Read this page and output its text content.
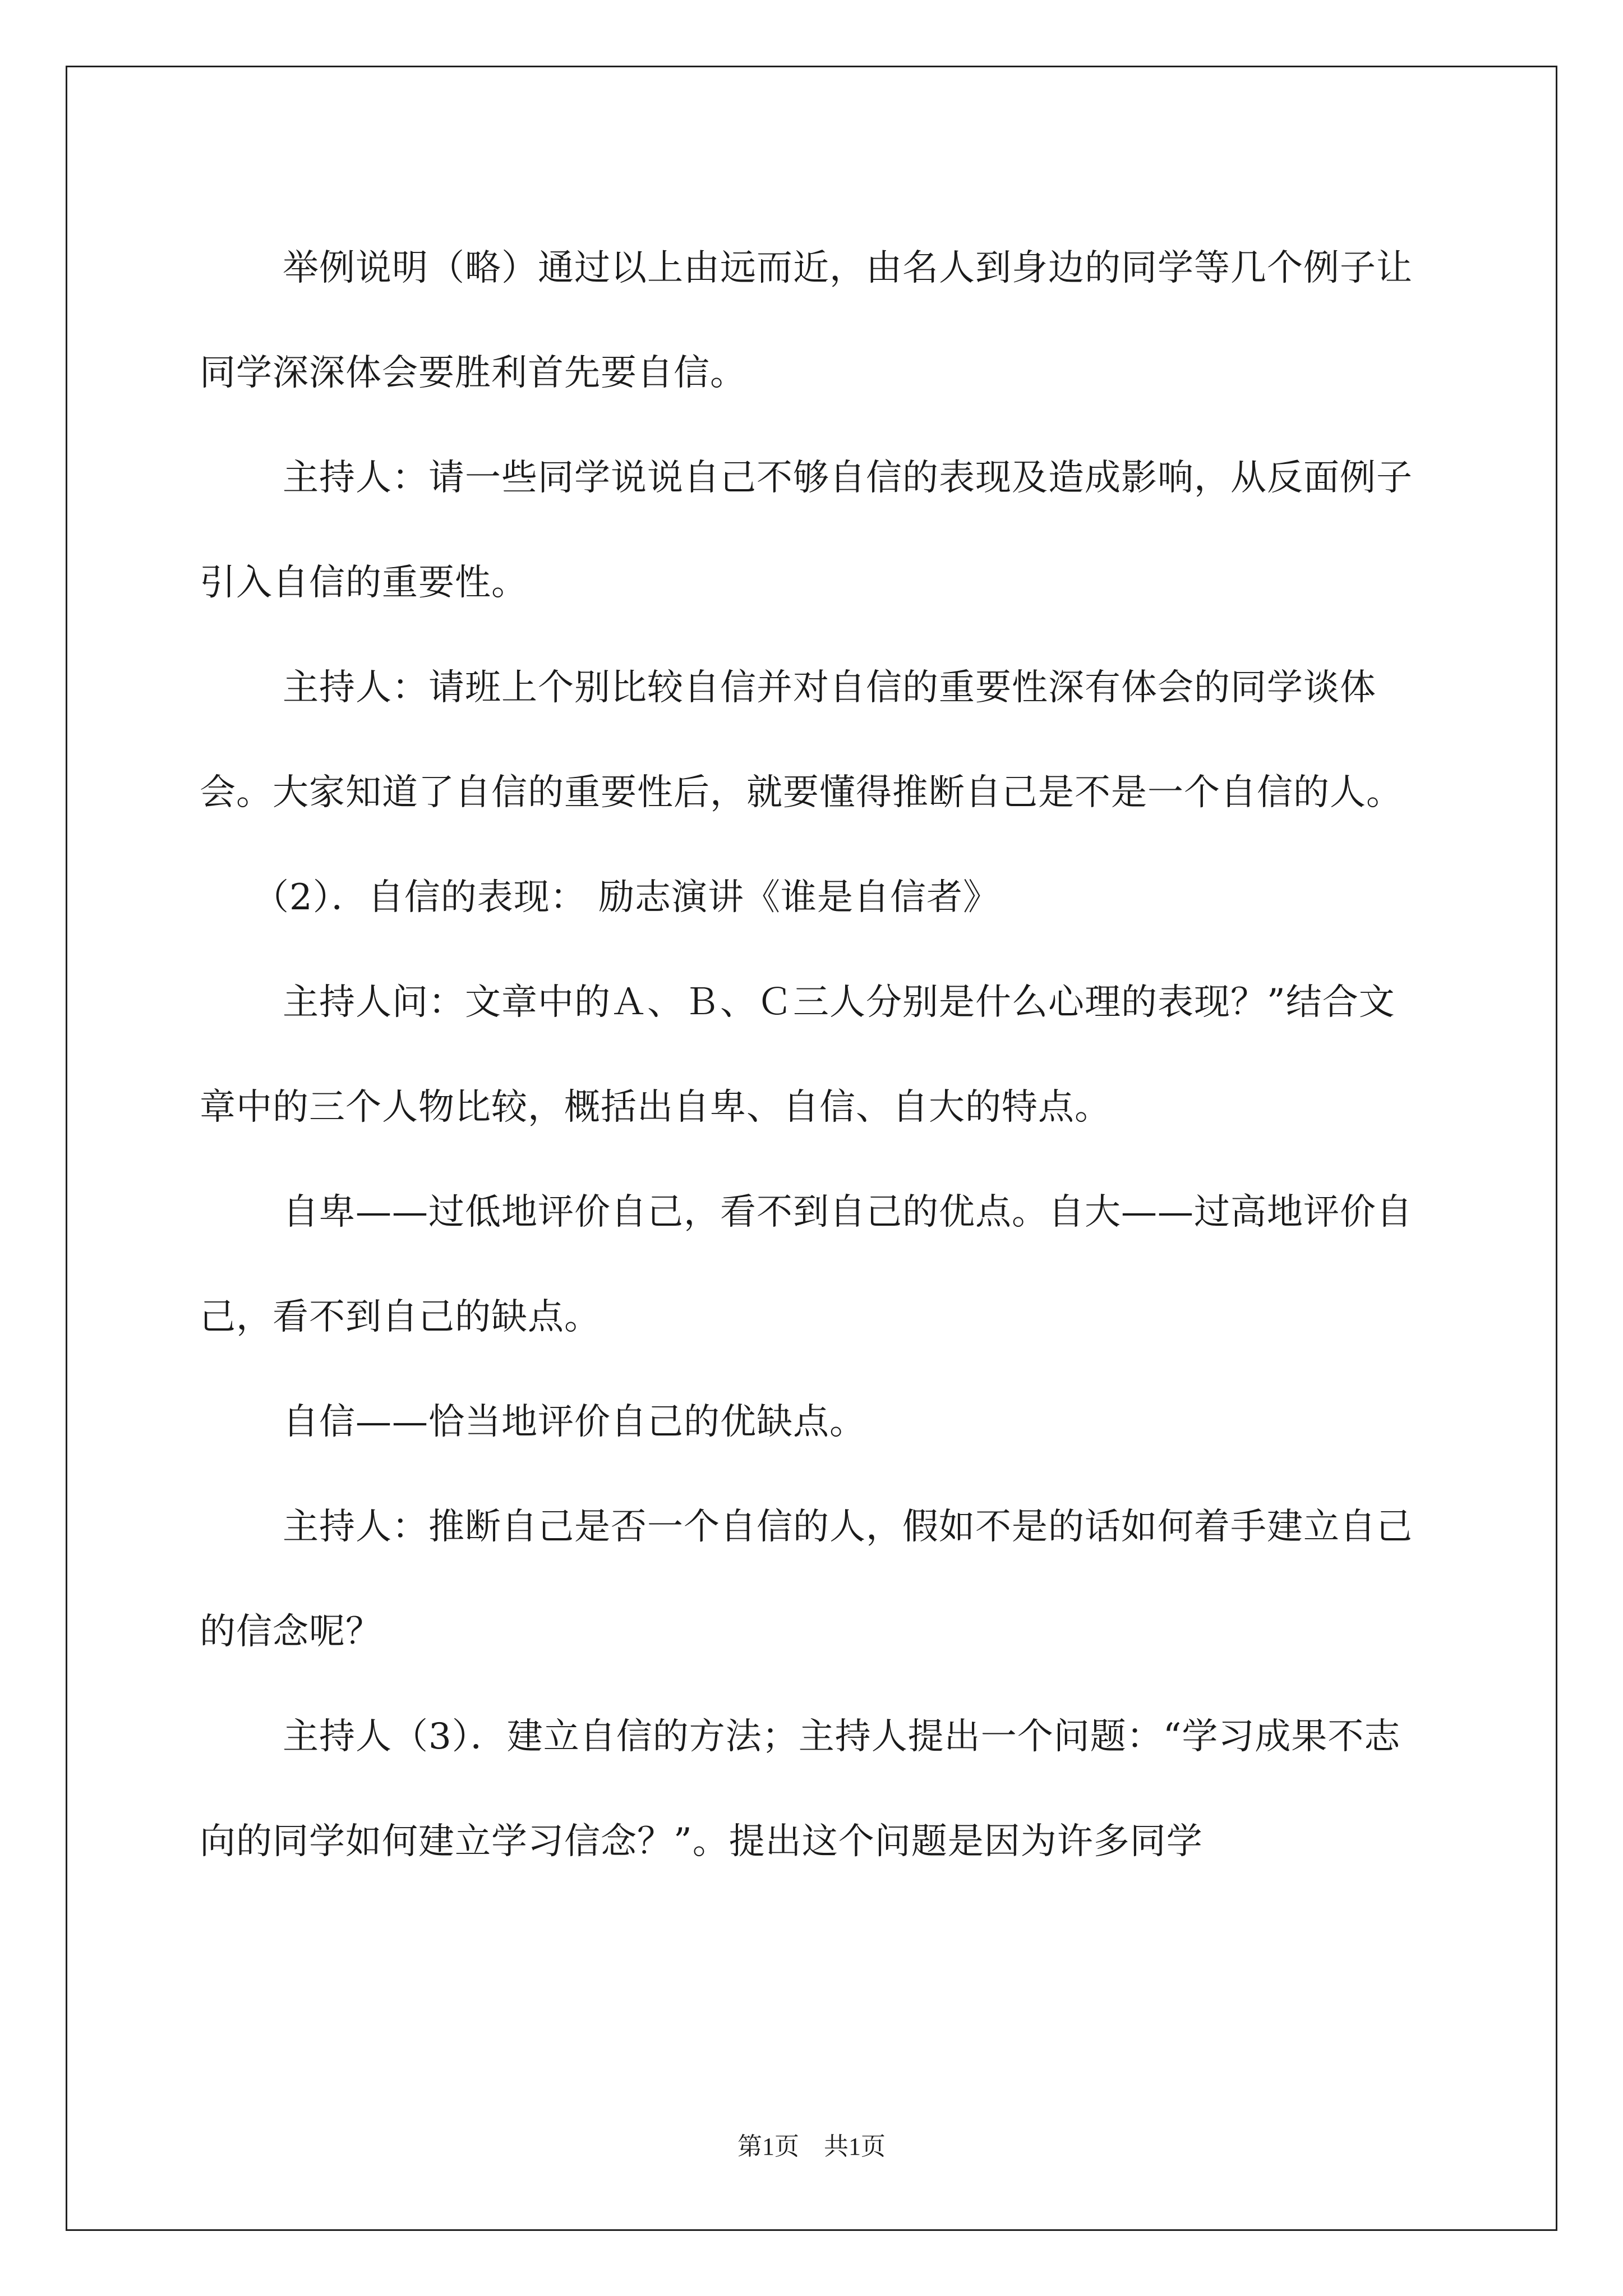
举例说明（略）通过以上由远而近，由名人到身边的同学等几个例子让同学深深体会要胜利首先要自信。

主持人：请一些同学说说自己不够自信的表现及造成影响，从反面例子引入自信的重要性。

主持人：请班上个别比较自信并对自信的重要性深有体会的同学谈体会。大家知道了自信的重要性后，就要懂得推断自己是不是一个自信的人。

（2）．自信的表现： 励志演讲《谁是自信者》

主持人问：文章中的Ａ、Ｂ、Ｃ三人分别是什么心理的表现？”结合文章中的三个人物比较，概括出自卑、自信、自大的特点。

自卑——过低地评价自己，看不到自己的优点。自大——过高地评价自己，看不到自己的缺点。

自信——恰当地评价自己的优缺点。

主持人：推断自己是否一个自信的人，假如不是的话如何着手建立自己的信念呢？

主持人（3）．建立自信的方法；主持人提出一个问题：“学习成果不志向的同学如何建立学习信念？”。提出这个问题是因为许多同学

第1页　共1页
